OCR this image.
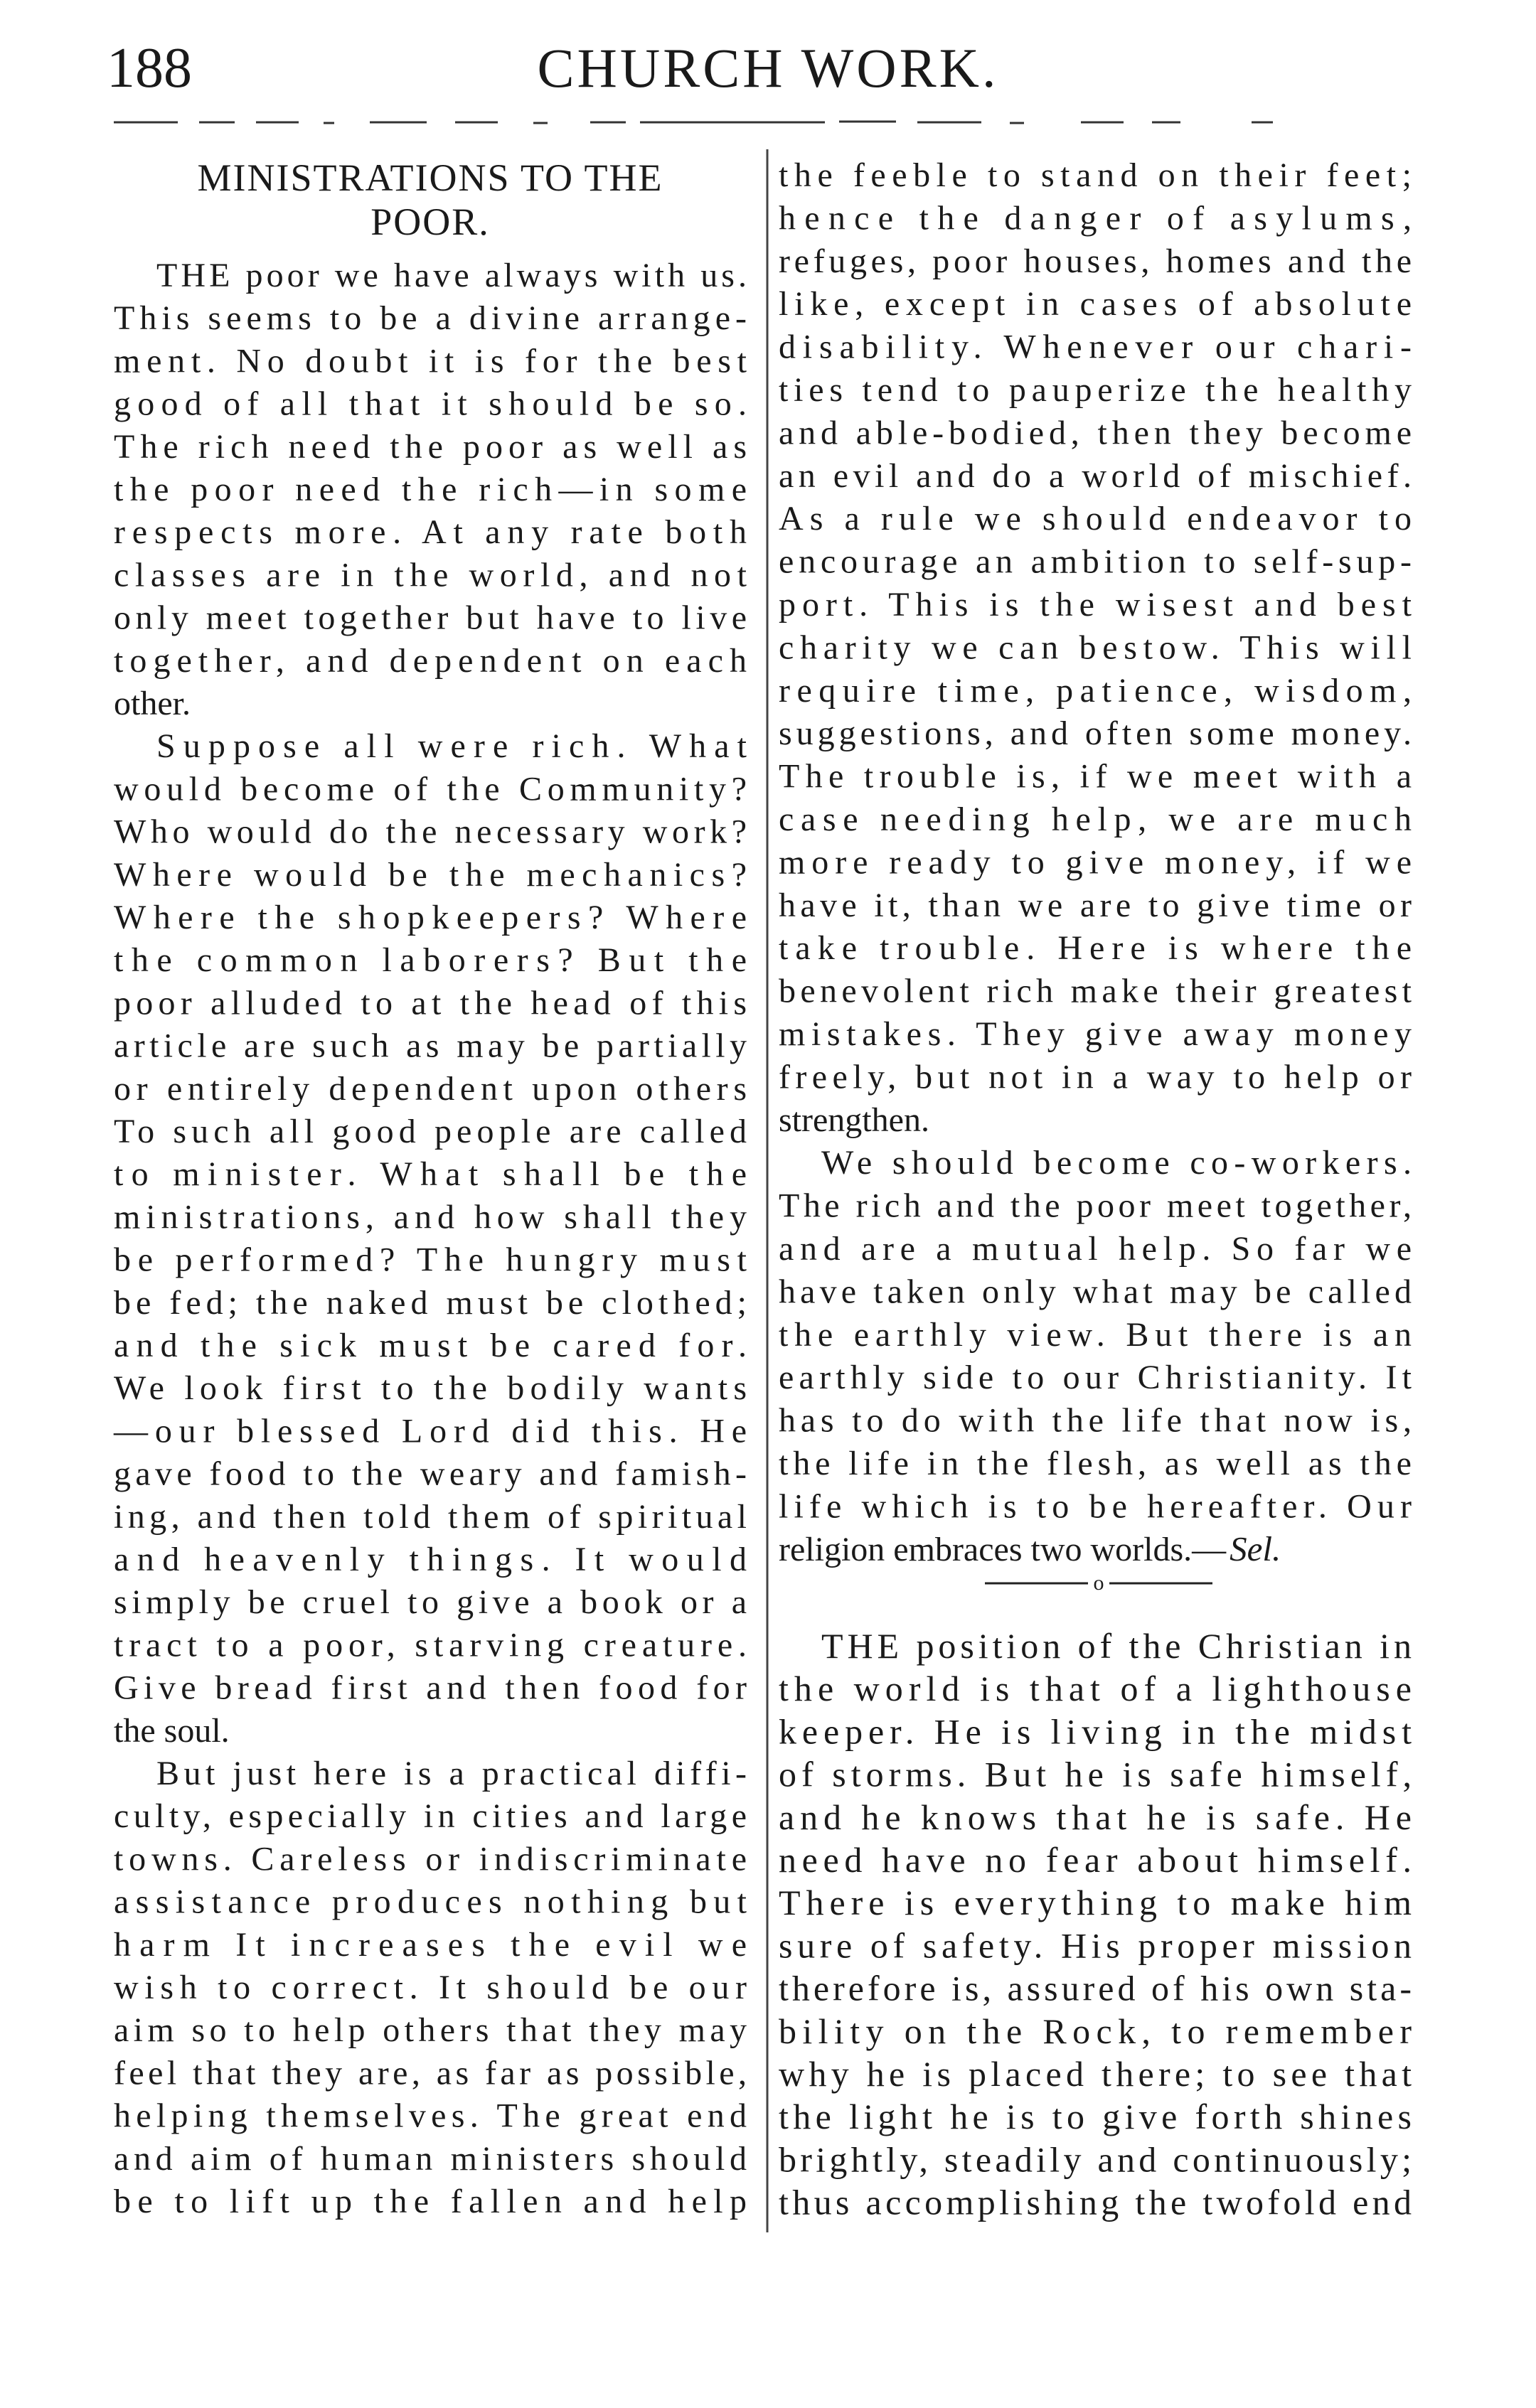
188	CHURCH WORK.
MINISTRATIONS TO THE
POOR.
THE poor we have always with us.
This seems to be a divine arrange-
ment. No doubt it is for the best
good of all that it should be so.
The rich need the poor as well as
the poor need the rich—in some
respects more. At any rate both
classes are in the world, and not
only meet together but have to live
together, and dependent on each
other.
Suppose all were rich. What
would become of the Community?
Who would do the necessary work?
Where would be the mechanics?
Where the shopkeepers? Where
the common laborers? But the
poor alluded to at the head of this
article are such as may be partially
or entirely dependent upon others
To such all good people are called
to minister. What shall be the
ministrations, and how shall they
be performed? The hungry must
be fed; the naked must be clothed;
and the sick must be cared for.
We look first to the bodily wants
—our blessed Lord did this. He
gave food to the weary and famish-
ing, and then told them of spiritual
and heavenly things. It would
simply be cruel to give a book or a
tract to a poor, starving creature.
Give bread first and then food for
the soul.
But just here is a practical diffi-
culty, especially in cities and large
towns. Careless or indiscriminate
assistance produces nothing but
harm It increases the evil we
wish to correct. It should be our
aim so to help others that they may
feel that they are, as far as possible,
helping themselves. The great end
and aim of human ministers should
be to lift up the fallen and help
the feeble to stand on their feet;
hence the danger of asylums,
refuges, poor houses, homes and the
like, except in cases of absolute
disability. Whenever our chari-
ties tend to pauperize the healthy
and able-bodied, then they become
an evil and do a world of mischief.
As a rule we should endeavor to
encourage an ambition to self-sup-
port. This is the wisest and best
charity we can bestow. This will
require time, patience, wisdom,
suggestions, and often some money.
The trouble is, if we meet with a
case needing help, we are much
more ready to give money, if we
have it, than we are to give time or
take trouble. Here is where the
benevolent rich make their greatest
mistakes. They give away money
freely, but not in a way to help or
strengthen.
We should become co-workers.
The rich and the poor meet together,
and are a mutual help. So far we
have taken only what may be called
the earthly view. But there is an
earthly side to our Christianity. It
has to do with the life that now is,
the life in the flesh, as well as the
life which is to be hereafter. Our
religion embraces two worlds.— Sel.
o
THE position of the Christian in
the world is that of a lighthouse
keeper. He is living in the midst
of storms. But he is safe himself,
and he knows that he is safe. He
need have no fear about himself.
There is everything to make him
sure of safety. His proper mission
therefore is, assured of his own sta-
bility on the Rock, to remember
why he is placed there; to see that
the light he is to give forth shines
brightly, steadily and continuously;
thus accomplishing the twofold end
